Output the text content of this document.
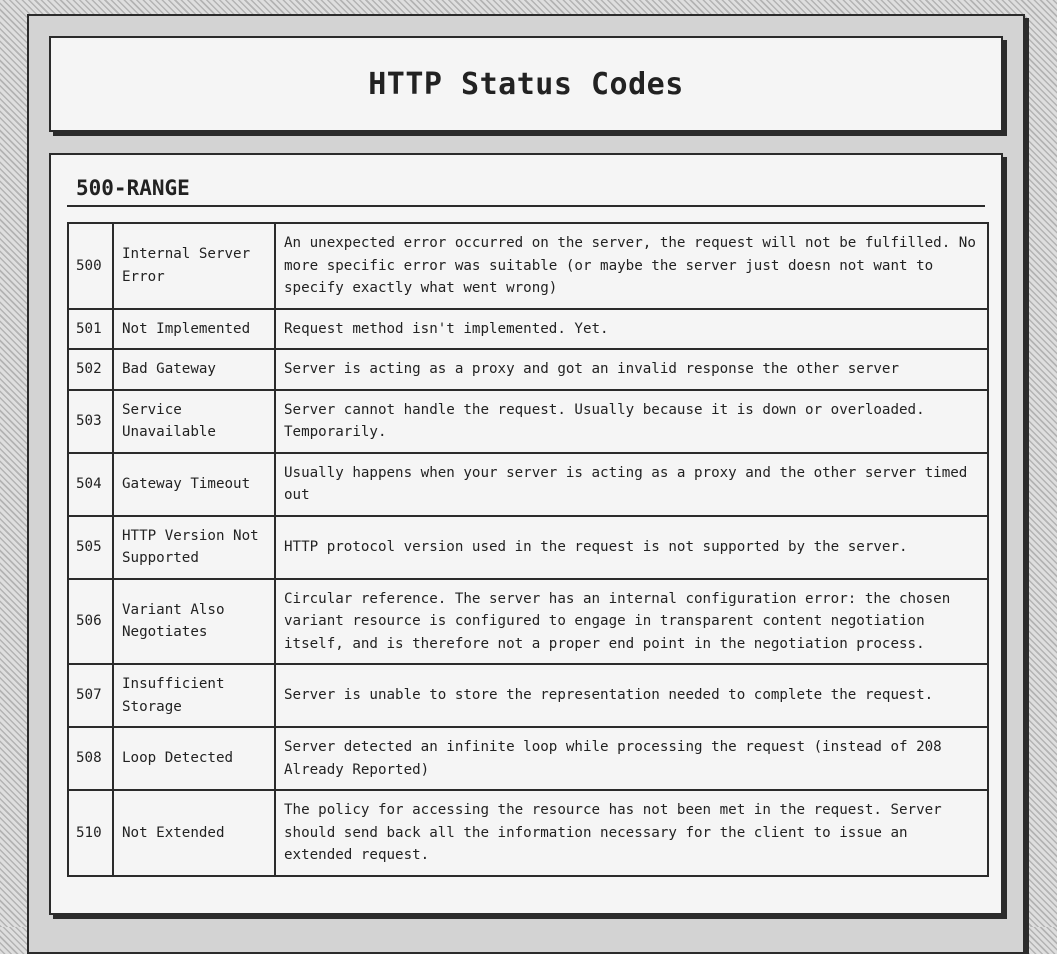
HTTP Status Codes
500-RANGE
500	Internal Server Error	An unexpected error occurred on the server, the request will not be fulfilled. No more specific error was suitable (or maybe the server just doesn not want to specify exactly what went wrong)
501	Not Implemented	Request method isn't implemented. Yet.
502	Bad Gateway	Server is acting as a proxy and got an invalid response the other server
503	Service Unavailable	Server cannot handle the request. Usually because it is down or overloaded. Temporarily.
504	Gateway Timeout	Usually happens when your server is acting as a proxy and the other server timed out
505	HTTP Version Not Supported	HTTP protocol version used in the request is not supported by the server.
506	Variant Also Negotiates	Circular reference. The server has an internal configuration error: the chosen variant resource is configured to engage in transparent content negotiation itself, and is therefore not a proper end point in the negotiation process.
507	Insufficient Storage	Server is unable to store the representation needed to complete the request.
508	Loop Detected	Server detected an infinite loop while processing the request (instead of 208 Already Reported)
510	Not Extended	The policy for accessing the resource has not been met in the request. Server should send back all the information necessary for the client to issue an extended request.
